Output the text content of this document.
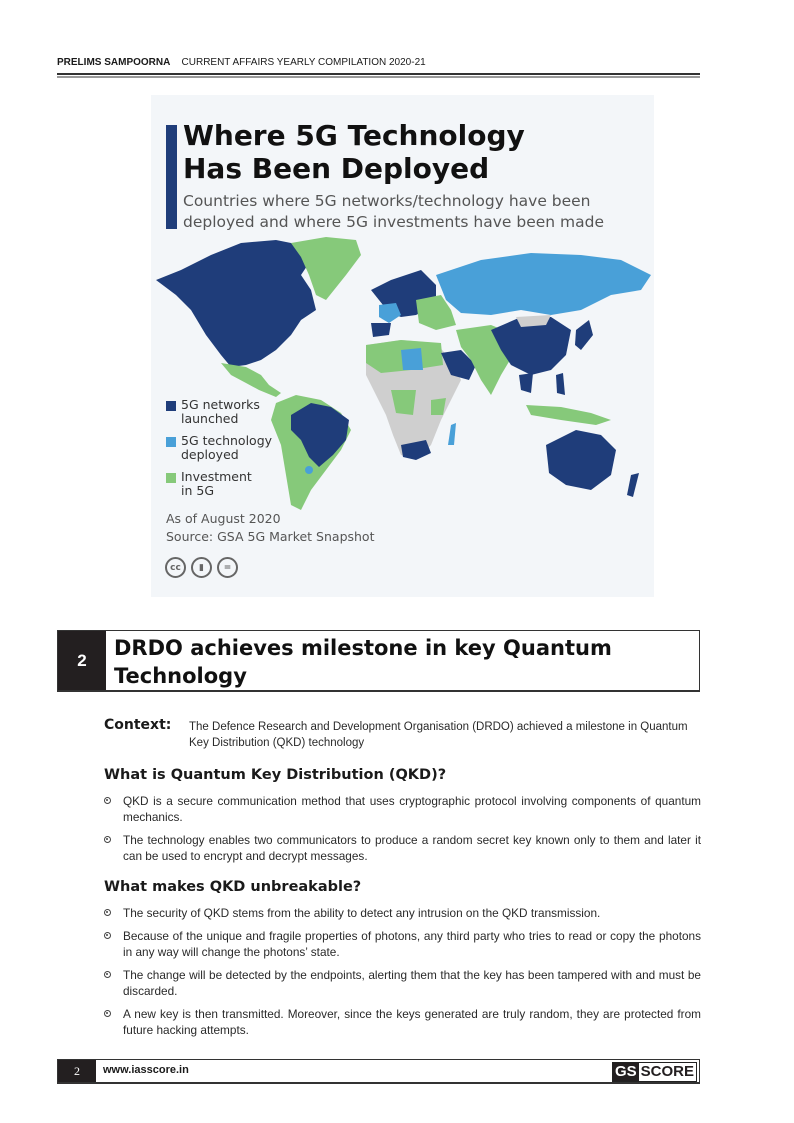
PRELIMS SAMPOORNA CURRENT AFFAIRS YEARLY COMPILATION 2020-21
Where 5G Technology
Has Been Deployed
Countries where 5G networks/technology have been
deployed and where 5G investments have been made
5G networks
launched
5G technology
deployed
Investment
in 5G
As of August 2020
Source: GSA 5G Market Snapshot
cc	▮	=
2	DRDO achieves milestone in key Quantum
Technology
Context: The Defence Research and Development Organisation (DRDO) achieved a milestone in Quantum Key Distribution (QKD) technology
What is Quantum Key Distribution (QKD)?
QKD is a secure communication method that uses cryptographic protocol involving components of quantum mechanics.
The technology enables two communicators to produce a random secret key known only to them and later it can be used to encrypt and decrypt messages.
What makes QKD unbreakable?
The security of QKD stems from the ability to detect any intrusion on the QKD transmission.
Because of the unique and fragile properties of photons, any third party who tries to read or copy the photons in any way will change the photons’ state.
The change will be detected by the endpoints, alerting them that the key has been tampered with and must be discarded.
A new key is then transmitted. Moreover, since the keys generated are truly random, they are protected from future hacking attempts.
2	www.iasscore.in	GS SCORE
